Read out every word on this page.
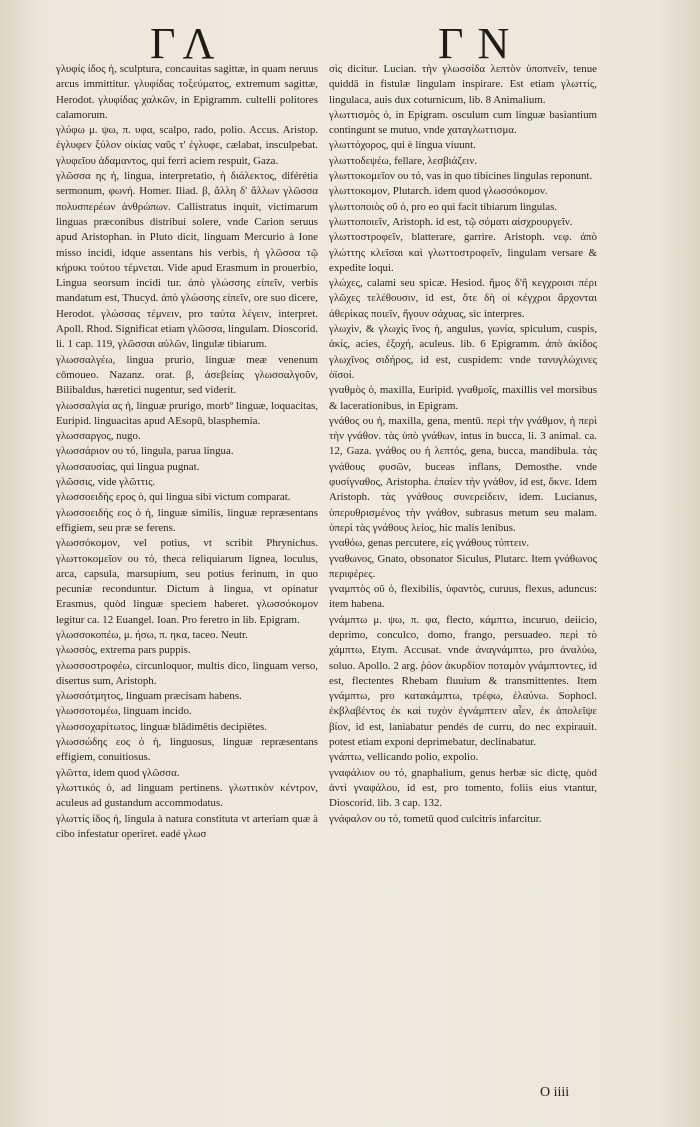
ΓΛ	ΓΝ

γλυφίς ίδος ἡ, sculptura, concauitas sagittæ, in quam neruus arcus immittitur. γλυφίδας τοξεύματος, extremum sagittæ, Herodot. γλυφίδας χαλκῶν, in Epigramm. cultelli politores calamorum.

γλύφω μ. ψω, π. υφα, scalpo, rado, polio. Accus. Aristop. ἐγλυφεν ξύλον οἰκίας ναῦς τ' ἐγλυφε, cælabat, insculpebat. γλυφεῖου ἀδαμαντος, qui ferri aciem respuit, Gaza.

γλῶσσα ης ἡ, lingua, interpretatio, ἡ διάλεκτος, diférétia sermonum, φωνή. Homer. Iliad. β, ἄλλη δ' ἄλλων γλῶσσα πολυσπερέων ἀνθρώπων. Callistratus inquit, victimarum linguas præconibus distribui solere, vnde Carion seruus apud Aristophan. in Pluto dicit, linguam Mercurio à Ione misso incidi, idque assentans his verbis, ἡ γλῶσσα τῷ κήρυκι τούτου τέμνεται. Vide apud Erasmum in prouerbio, Lingua seorsum incidi tur. ἀπὸ γλώσσης εἰπεῖν, verbis mandatum est, Thucyd. ἀπὸ γλώσσης εἰπεῖν, ore suo dicere, Herodot. γλώσσας τέμνειν, pro ταύτα λέγειν, interpret. Apoll. Rhod. Significat etiam γλῶσσα, lingulam. Dioscorid. li. 1 cap. 119, γλῶσσαι αὐλῶν, lingulæ tibiarum.

γλωσσαλγέω, lingua prurio, linguæ meæ venenum cōmoueo. Nazanz. orat. β, ἀσεβείας γλωσσαλγοῦν, Bilibaldus, hæretici nugentur, sed viderit.

γλωσσαλγία ας ἡ, linguæ prurigo, morbº linguæ, loquacitas, Euripid. linguacitas apud AEsopū, blasphemia.

γλωσσαργος, nugo.

γλωσσάριον ου τό, lingula, parua lingua.

γλωσσαυσίας, qui lingua pugnat.

γλῶσσις, vide γλῶττις.

γλωσσοειδὴς ερος ὁ, qui lingua sibi victum comparat.

γλωσσοειδής εος ὁ ἡ, linguæ similis, linguæ repræsentans effigiem, seu præ se ferens.

γλωσσόκομον, vel potius, vt scribit Phrynichus. γλωττοκομεῖον ου τό, theca reliquiarum lignea, loculus, arca, capsula, marsupium, seu potius ferinum, in quo pecuniæ reconduntur. Dictum à lingua, vt opinatur Erasmus, quòd linguæ speciem haberet. γλωσσόκομον legitur ca. 12 Euangel. Ioan. Pro feretro in lib. Epigram.

γλωσσοκοπέω, μ. ήσω, π. ηκα, taceo. Neutr.

γλωσσὸς, extrema pars puppis.

γλωσσοστροφέω, circunloquor, multis dico, linguam verso, disertus sum, Aristoph.

γλωσσότμητος, linguam præcisam habens.

γλωσσοτομέω, linguam incido.

γλωσσοχαρίτωτος, linguæ blādimētis decipiētes.

γλωσσώδης εος ὁ ἡ, linguosus, linguæ repræsentans effigiem, conuitiosus.

γλῶττα, idem quod γλῶσσα.

γλωττικός ὁ, ad linguam pertinens. γλωττικὸν κέντρον, aculeus ad gustandum accommodatus.

γλωττίς ίδος ἡ, lingula à natura constituta vt arteriam quæ à cibo infestatur operiret. eadé γλωσ

σὶς dicitur. Lucian. τὴν γλωσσίδα λεπτὸν ὑποπνεῖν, tenue quiddā in fistulæ lingulam inspirare. Est etiam γλωττίς, lingulaca, auis dux coturnicum, lib. 8 Animalium.

γλωττισμὸς ὁ, in Epigram. osculum cum linguæ basiantium contingunt se mutuo, vnde χαταγλωττισμα.

γλωττόχορος, qui è lingua viuunt.

γλωττοδεψέω, fellare, λεσβιάζειν.

γλωττοκομεῖον ου τό, vas in quo tibicines lingulas reponunt.

γλωττοκομον, Plutarch. idem quod γλωσσόκομον.

γλωττοποιὸς οῦ ὁ, pro eo qui facit tibiarum lingulas.

γλωττοποιεῖν, Aristoph. id est, τῷ σόματι αἰσχρουργεῖν.

γλωττοστροφεῖν, blatterare, garrire. Aristoph. νεφ. ἀπὸ γλώττης κλεῖσαι καὶ γλωττοστροφεῖν, lingulam versare & expedite loqui.

γλώχες, calami seu spicæ. Hesiod. ἤμος δ'ἢ κεγχροισι πέρι γλῶχες τελέθουσιν, id est, ὅτε δὴ οἱ κέγχροι ἄρχονται ἀθερίκας ποιεῖν, ἤγουν σάχυας, sic interpres.

γλωχὶν, & γλωχὶς ῖνος ἡ, angulus, γωνία, spiculum, cuspis, ἀκίς, acies, ἐξοχή, aculeus. lib. 6 Epigramm. ἀπὸ ἀκίδος γλωχῖνος σιδήρος, id est, cuspidem: vnde τανυγλώχινες ὀϊσοί.

γναθμὸς ὁ, maxilla, Euripid. γναθμοῖς, maxillis vel morsibus & lacerationibus, in Epigram.

γνάθος ου ἡ, maxilla, gena, mentū. περὶ τὴν γνάθμον, ἡ περὶ τὴν γνάθον. τὰς ὑπὸ γνάθων, intus in bucca, li. 3 animal. ca. 12, Gaza. γνάθος ου ἡ λεπτός, gena, bucca, mandibula. τὰς γνάθους φυσῶν, buceas inflans, Demosthe. vnde φυσίγναθος, Aristopha. ἐπαίεν τὴν γνάθον, id est, ὄκνε. Idem Aristoph. τὰς γνάθους συνερείδειν, idem. Lucianus, ὑπερυθρισμένος τὴν γνάθον, subrasus metum seu malam. ὑπερὶ τὰς γνάθους λείος, hic malis lenibus.

γναθόω, genas percutere, εἰς γνάθους τύπτειν.

γναθωνος, Gnato, obsonator Siculus, Plutarc. Item γνάθωνος περιφέρες.

γναμπτὸς οῦ ὁ, flexibilis, ὑφαντὸς, curuus, flexus, aduncus: item habena.

γνάμπτω μ. ψω, π. φα, flecto, κάμπτω, incuruo, deiicio, deprimo, conculco, domo, frango, persuadeo. περὶ τὸ χάμπτω, Etym. Accusat. vnde ἀναγνάμπτω, pro ἀναλύω, soluo. Apollo. 2 arg. ῥόον ἀκυρδίον ποταμὸν γνάμπτοντες, id est, flectentes Rhebam fluuium & transmittentes. Item γνάμπτω, pro κατακάμπτω, τρέφω, ἐλαύνω. Sophocl. ἐκβλαβέντος ἐκ καὶ τυχὸν ἐγνάμπτειν αἶεν, ἐκ ἀπολεῖψε βίον, id est, laniabatur pendés de curru, do nec expirauit. potest etiam exponi deprimebatur, declinabatur.

γνάπτω, vellicando polio, expolio.

γναφάλιον ου τό, gnaphalium, genus herbæ sic dictę, quòd ἀντὶ γναφάλου, id est, pro tomento, foliis eius vtantur, Dioscorid. lib. 3 cap. 132.

γνάφαλον ου τό, tometū quod culcitris infarcitur.

O iiii
